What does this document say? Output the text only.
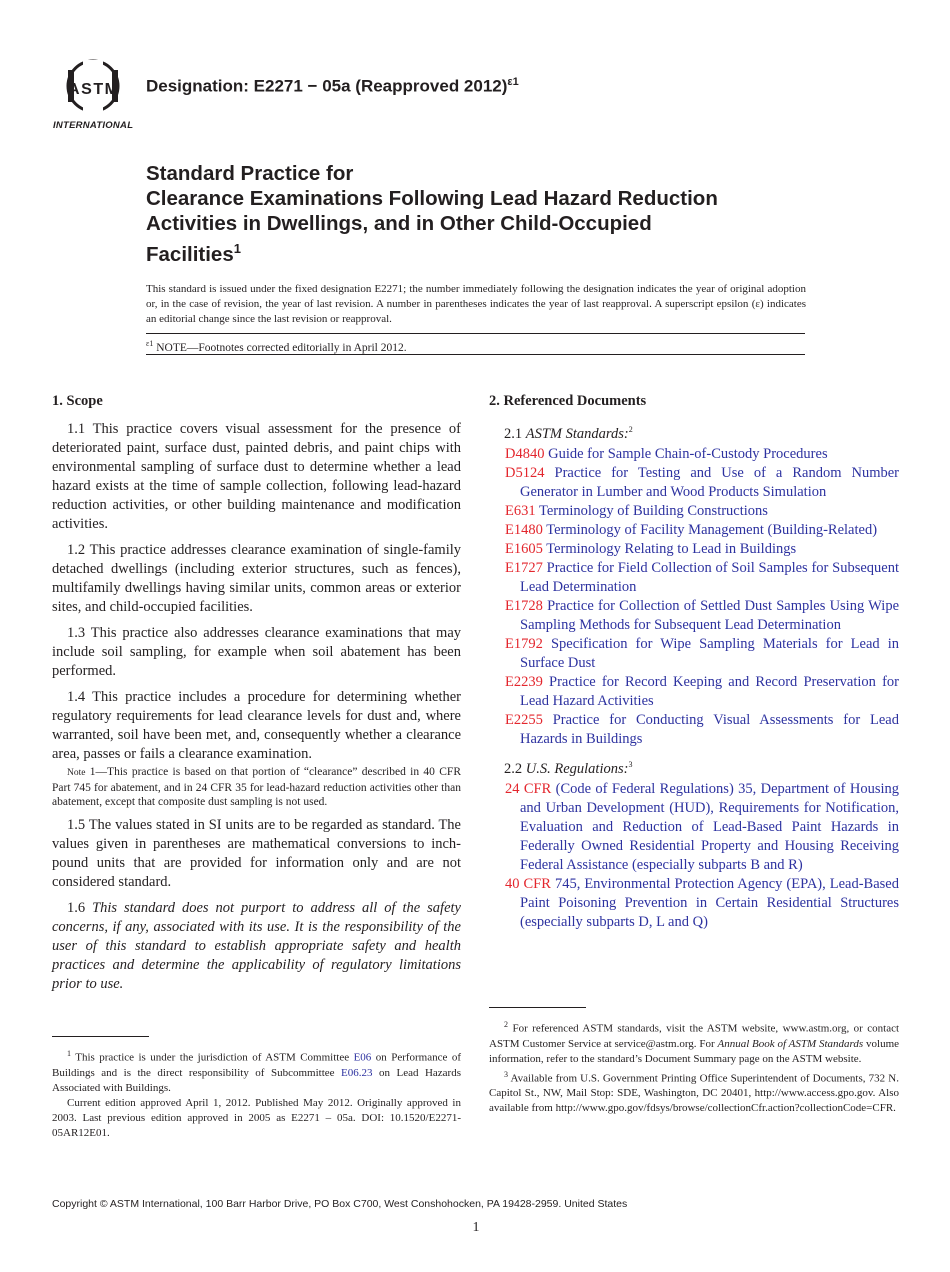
ASTM
INTERNATIONAL
Designation: E2271 − 05a (Reapproved 2012)$^{\varepsilon 1}$
Standard Practice for
Clearance Examinations Following Lead Hazard Reduction
Activities in Dwellings, and in Other Child-Occupied
Facilities$^1$
This standard is issued under the fixed designation E2271; the number immediately following the designation indicates the year of original adoption or, in the case of revision, the year of last revision. A number in parentheses indicates the year of last reapproval. A superscript epsilon (ε) indicates an editorial change since the last revision or reapproval.
$^{\varepsilon 1}$ NOTE—Footnotes corrected editorially in April 2012.
1. Scope

1.1 This practice covers visual assessment for the presence of deteriorated paint, surface dust, painted debris, and paint chips with environmental sampling of surface dust to determine whether a lead hazard exists at the time of sample collection, following lead-hazard reduction activities, or other building maintenance and modification activities.

1.2 This practice addresses clearance examination of single-family detached dwellings (including exterior structures, such as fences), multifamily dwellings having similar units, common areas or exterior sites, and child-occupied facilities.

1.3 This practice also addresses clearance examinations that may include soil sampling, for example when soil abatement has been performed.

1.4 This practice includes a procedure for determining whether regulatory requirements for lead clearance levels for dust and, where warranted, soil have been met, and, consequently whether a clearance area, passes or fails a clearance examination.

Note 1—This practice is based on that portion of “clearance” described in 40 CFR Part 745 for abatement, and in 24 CFR 35 for lead-hazard reduction activities other than abatement, except that composite dust sampling is not used.

1.5 The values stated in SI units are to be regarded as standard. The values given in parentheses are mathematical conversions to inch-pound units that are provided for information only and are not considered standard.

1.6 This standard does not purport to address all of the safety concerns, if any, associated with its use. It is the responsibility of the user of this standard to establish appropriate safety and health practices and determine the applicability of regulatory limitations prior to use.

2. Referenced Documents
2.1 ASTM Standards:$^2$
D4840 Guide for Sample Chain-of-Custody Procedures
D5124 Practice for Testing and Use of a Random Number Generator in Lumber and Wood Products Simulation
E631 Terminology of Building Constructions
E1480 Terminology of Facility Management (Building-Related)
E1605 Terminology Relating to Lead in Buildings
E1727 Practice for Field Collection of Soil Samples for Subsequent Lead Determination
E1728 Practice for Collection of Settled Dust Samples Using Wipe Sampling Methods for Subsequent Lead Determination
E1792 Specification for Wipe Sampling Materials for Lead in Surface Dust
E2239 Practice for Record Keeping and Record Preservation for Lead Hazard Activities
E2255 Practice for Conducting Visual Assessments for Lead Hazards in Buildings
2.2 U.S. Regulations:$^3$
24 CFR (Code of Federal Regulations) 35, Department of Housing and Urban Development (HUD), Requirements for Notification, Evaluation and Reduction of Lead-Based Paint Hazards in Federally Owned Residential Property and Housing Receiving Federal Assistance (especially subparts B and R)
40 CFR 745, Environmental Protection Agency (EPA), Lead-Based Paint Poisoning Prevention in Certain Residential Structures (especially subparts D, L and Q)

$^1$ This practice is under the jurisdiction of ASTM Committee E06 on Performance of Buildings and is the direct responsibility of Subcommittee E06.23 on Lead Hazards Associated with Buildings.

Current edition approved April 1, 2012. Published May 2012. Originally approved in 2003. Last previous edition approved in 2005 as E2271 – 05a. DOI: 10.1520/E2271-05AR12E01.

$^2$ For referenced ASTM standards, visit the ASTM website, www.astm.org, or contact ASTM Customer Service at service@astm.org. For Annual Book of ASTM Standards volume information, refer to the standard’s Document Summary page on the ASTM website.

$^3$ Available from U.S. Government Printing Office Superintendent of Documents, 732 N. Capitol St., NW, Mail Stop: SDE, Washington, DC 20401, http://www.access.gpo.gov. Also available from http://www.gpo.gov/fdsys/browse/collectionCfr.action?collectionCode=CFR.

Copyright © ASTM International, 100 Barr Harbor Drive, PO Box C700, West Conshohocken, PA 19428-2959. United States
1
